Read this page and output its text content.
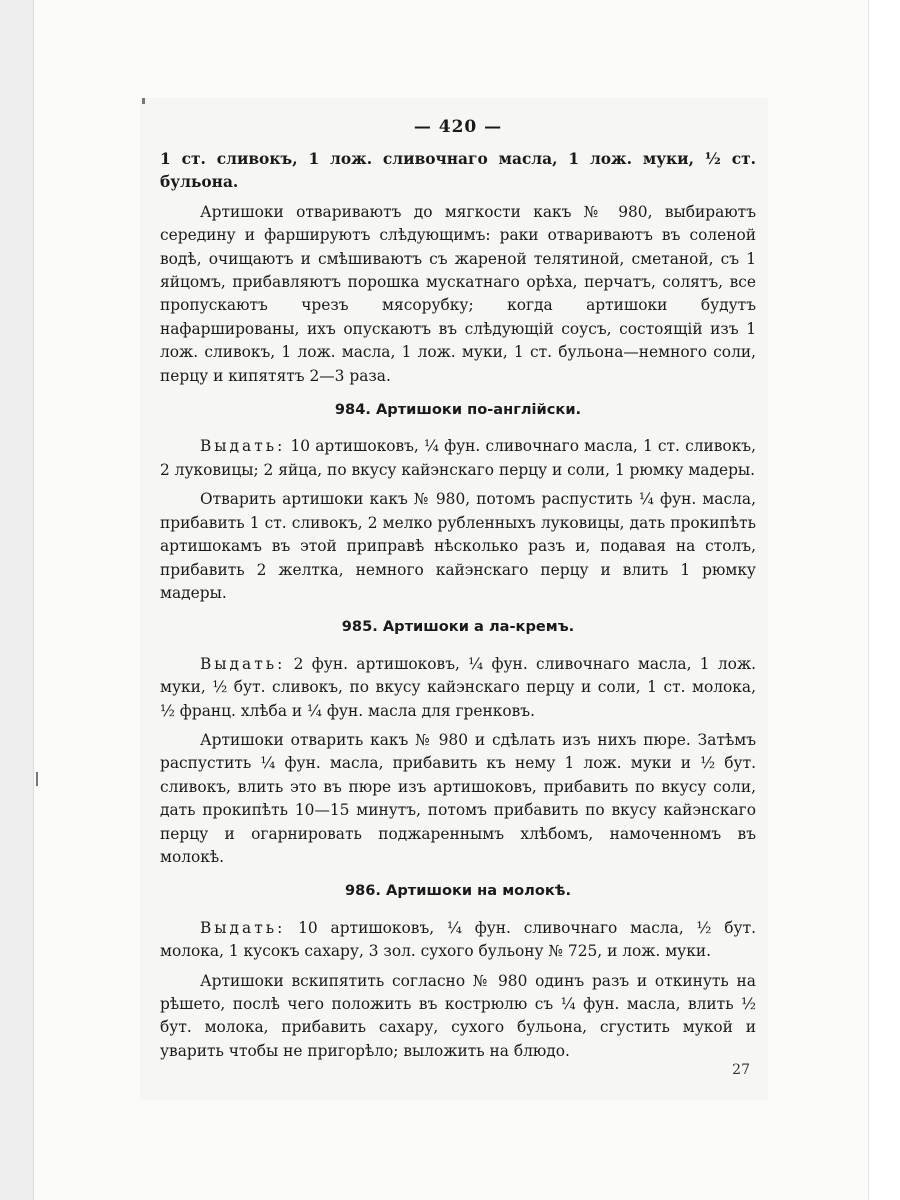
— 420 —

1 ст. сливокъ, 1 лож. сливочнаго масла, 1 лож. муки, ½ ст. бульона.

Артишоки отвариваютъ до мягкости какъ № 980, выбираютъ середину и фаршируютъ слѣдующимъ: раки отвариваютъ въ соленой водѣ, очищаютъ и смѣшиваютъ съ жареной телятиной, сметаной, съ 1 яйцомъ, прибавляютъ порошка мускатнаго орѣха, перчатъ, солятъ, все пропускаютъ чрезъ мясорубку; когда артишоки будутъ нафаршированы, ихъ опускаютъ въ слѣдующій соусъ, состоящій изъ 1 лож. сливокъ, 1 лож. масла, 1 лож. муки, 1 ст. бульона—немного соли, перцу и кипятятъ 2—3 раза.

984. Артишоки по-англійски.

Выдать: 10 артишоковъ, ¼ фун. сливочнаго масла, 1 ст. сливокъ, 2 луковицы; 2 яйца, по вкусу кайэнскаго перцу и соли, 1 рюмку мадеры.

Отварить артишоки какъ № 980, потомъ распустить ¼ фун. масла, прибавить 1 ст. сливокъ, 2 мелко рубленныхъ луковицы, дать прокипѣть артишокамъ въ этой приправѣ нѣсколько разъ и, подавая на столъ, прибавить 2 желтка, немного кайэнскаго перцу и влить 1 рюмку мадеры.

985. Артишоки а ла-кремъ.

Выдать: 2 фун. артишоковъ, ¼ фун. сливочнаго масла, 1 лож. муки, ½ бут. сливокъ, по вкусу кайэнскаго перцу и соли, 1 ст. молока, ½ франц. хлѣба и ¼ фун. масла для гренковъ.

Артишоки отварить какъ № 980 и сдѣлать изъ нихъ пюре. Затѣмъ распустить ¼ фун. масла, прибавить къ нему 1 лож. муки и ½ бут. сливокъ, влить это въ пюре изъ артишоковъ, прибавить по вкусу соли, дать прокипѣть 10—15 минутъ, потомъ прибавить по вкусу кайэнскаго перцу и огарнировать поджареннымъ хлѣбомъ, намоченномъ въ молокѣ.

986. Артишоки на молокѣ.

Выдать: 10 артишоковъ, ¼ фун. сливочнаго масла, ½ бут. молока, 1 кусокъ сахару, 3 зол. сухого бульону № 725, и лож. муки.

Артишоки вскипятить согласно № 980 одинъ разъ и откинуть на рѣшето, послѣ чего положить въ кострюлю съ ¼ фун. масла, влить ½ бут. молока, прибавить сахару, сухого бульона, сгустить мукой и уварить чтобы не пригорѣло; выложить на блюдо.

27
